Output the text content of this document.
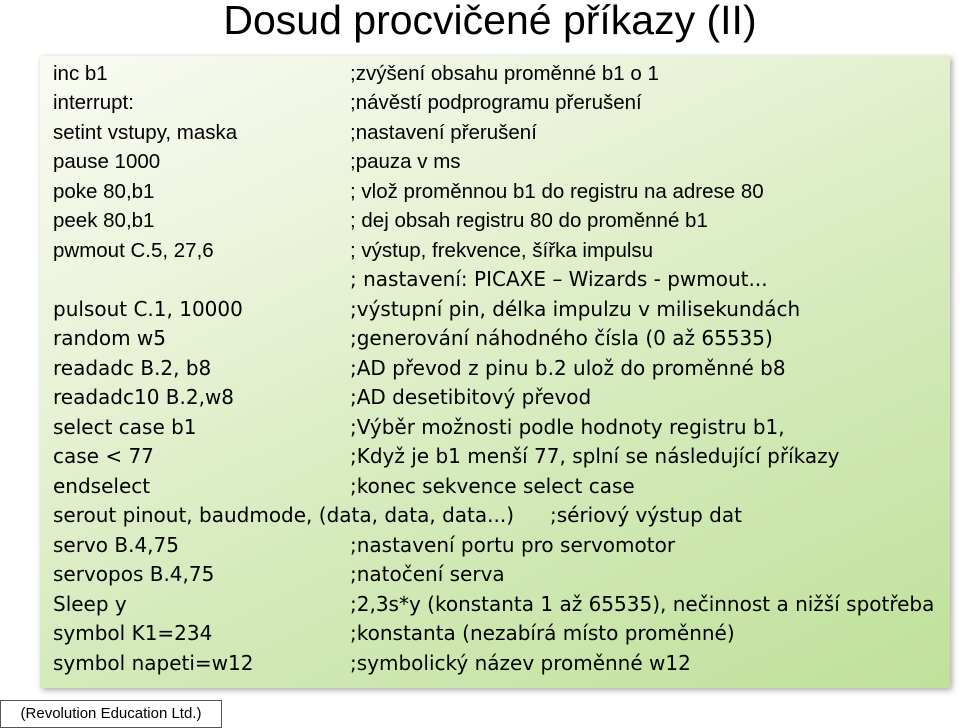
Dosud procvičené příkazy (II)
inc b1	;zvýšení obsahu proměnné b1 o 1
interrupt:	;návěstí podprogramu přerušení
setint vstupy, maska	;nastavení přerušení
pause 1000	;pauza v ms
poke 80,b1	; vlož proměnnou b1 do registru na adrese 80
peek 80,b1	; dej obsah registru 80 do proměnné b1
pwmout C.5, 27,6	; výstup, frekvence, šířka impulsu
; nastavení: PICAXE – Wizards - pwmout...
pulsout C.1, 10000	;výstupní pin, délka impulzu v milisekundách
random w5	;generování náhodného čísla (0 až 65535)
readadc B.2, b8	;AD převod z pinu b.2 ulož do proměnné b8
readadc10 B.2,w8	;AD desetibitový převod
select case b1	;Výběr možnosti podle hodnoty registru b1,
case < 77	;Když je b1 menší 77, splní se následující příkazy
endselect	;konec sekvence select case
serout pinout, baudmode, (data, data, data...) ;sériový výstup dat
servo B.4,75	;nastavení portu pro servomotor
servopos B.4,75	;natočení serva
Sleep y	;2,3s*y (konstanta 1 až 65535), nečinnost a nižší spotřeba
symbol K1=234	;konstanta (nezabírá místo proměnné)
symbol napeti=w12	;symbolický název proměnné w12
(Revolution Education Ltd.)
